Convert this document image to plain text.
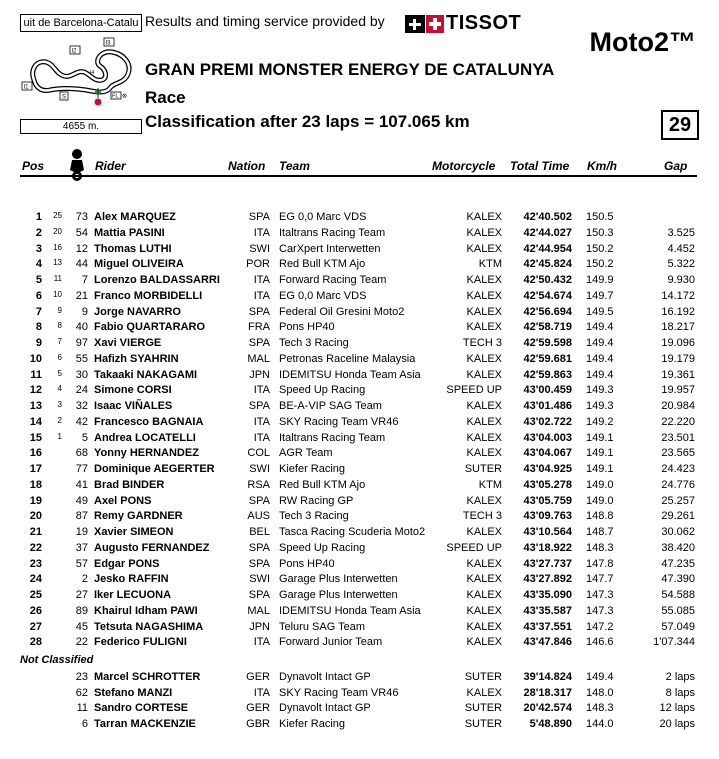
uit de Barcelona-Catalu
I2
I1
I3
S	FL ⊗
I4
4655 m.
Results and timing service provided by	TISSOT
Moto2™
GRAN PREMI MONSTER ENERGY DE CATALUNYA
Race
Classification after 23 laps = 107.065 km	29
Pos	Rider	Nation Team	Motorcycle Total Time Km/h	Gap
1	25	73 Alex MARQUEZ	SPA EG 0,0 Marc VDS	KALEX	42'40.502 150.5
2	20	54 Mattia PASINI	ITA Italtrans Racing Team	KALEX	42'44.027 150.3	3.525
3	16	12 Thomas LUTHI	SWI CarXpert Interwetten	KALEX	42'44.954 150.2	4.452
4	13	44 Miguel OLIVEIRA	POR Red Bull KTM Ajo	KTM	42'45.824 150.2	5.322
5	11	7 Lorenzo BALDASSARRI	ITA Forward Racing Team	KALEX	42'50.432 149.9	9.930
6	10	21 Franco MORBIDELLI	ITA EG 0,0 Marc VDS	KALEX	42'54.674 149.7	14.172
7	9	9 Jorge NAVARRO	SPA Federal Oil Gresini Moto2	KALEX	42'56.694 149.5	16.192
8	8	40 Fabio QUARTARARO	FRA Pons HP40	KALEX	42'58.719 149.4	18.217
9	7	97 Xavi VIERGE	SPA Tech 3 Racing	TECH 3	42'59.598 149.4	19.096
10	6	55 Hafizh SYAHRIN	MAL Petronas Raceline Malaysia	KALEX	42'59.681 149.4	19.179
11	5	30 Takaaki NAKAGAMI	JPN IDEMITSU Honda Team Asia	KALEX	42'59.863 149.4	19.361
12	4	24 Simone CORSI	ITA Speed Up Racing	SPEED UP	43'00.459 149.3	19.957
13	3	32 Isaac VIÑALES	SPA BE-A-VIP SAG Team	KALEX	43'01.486 149.3	20.984
14	2	42 Francesco BAGNAIA	ITA SKY Racing Team VR46	KALEX	43'02.722 149.2	22.220
15	1	5 Andrea LOCATELLI	ITA Italtrans Racing Team	KALEX	43'04.003 149.1	23.501
16	68 Yonny HERNANDEZ	COL AGR Team	KALEX	43'04.067 149.1	23.565
17	77 Dominique AEGERTER	SWI Kiefer Racing	SUTER	43'04.925 149.1	24.423
18	41 Brad BINDER	RSA Red Bull KTM Ajo	KTM	43'05.278 149.0	24.776
19	49 Axel PONS	SPA RW Racing GP	KALEX	43'05.759 149.0	25.257
20	87 Remy GARDNER	AUS Tech 3 Racing	TECH 3	43'09.763 148.8	29.261
21	19 Xavier SIMEON	BEL Tasca Racing Scuderia Moto2	KALEX	43'10.564 148.7	30.062
22	37 Augusto FERNANDEZ	SPA Speed Up Racing	SPEED UP	43'18.922 148.3	38.420
23	57 Edgar PONS	SPA Pons HP40	KALEX	43'27.737 147.8	47.235
24	2 Jesko RAFFIN	SWI Garage Plus Interwetten	KALEX	43'27.892 147.7	47.390
25	27 Iker LECUONA	SPA Garage Plus Interwetten	KALEX	43'35.090 147.3	54.588
26	89 Khairul Idham PAWI	MAL IDEMITSU Honda Team Asia	KALEX	43'35.587 147.3	55.085
27	45 Tetsuta NAGASHIMA	JPN Teluru SAG Team	KALEX	43'37.551 147.2	57.049
28	22 Federico FULIGNI	ITA Forward Junior Team	KALEX	43'47.846 146.6	1'07.344
Not Classified
23 Marcel SCHROTTER	GER Dynavolt Intact GP	SUTER	39'14.824 149.4	2 laps
62 Stefano MANZI	ITA SKY Racing Team VR46	KALEX	28'18.317 148.0	8 laps
11 Sandro CORTESE	GER Dynavolt Intact GP	SUTER	20'42.574 148.3	12 laps
6 Tarran MACKENZIE	GBR Kiefer Racing	SUTER	5'48.890 144.0	20 laps
